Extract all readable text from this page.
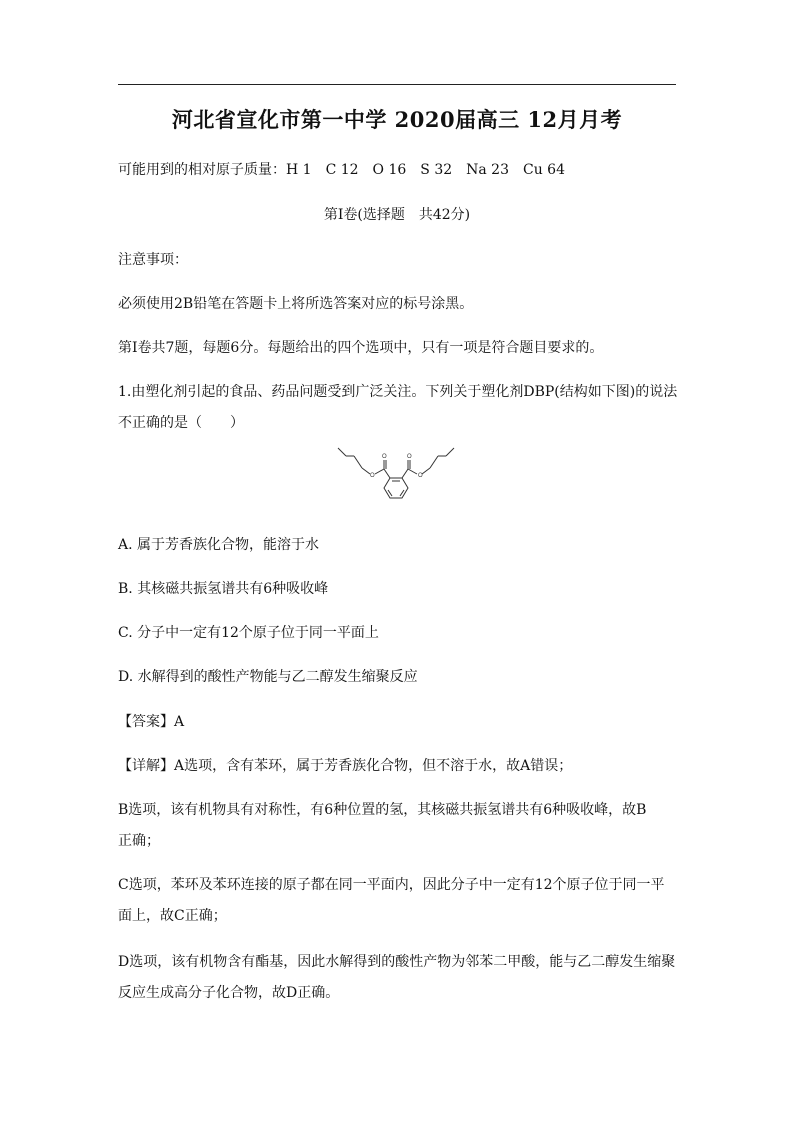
河北省宣化市第一中学 2020届高三 12月月考
可能用到的相对原子质量：H 1　C 12　O 16　S 32　Na 23　Cu 64
第Ⅰ卷(选择题　共42分)
注意事项：
必须使用2B铅笔在答题卡上将所选答案对应的标号涂黑。
第Ⅰ卷共7题，每题6分。每题给出的四个选项中，只有一项是符合题目要求的。
1.由塑化剂引起的食品、药品问题受到广泛关注。下列关于塑化剂DBP(结构如下图)的说法
不正确的是（　　）
O	O
O	O
A. 属于芳香族化合物，能溶于水
B. 其核磁共振氢谱共有6种吸收峰
C. 分子中一定有12个原子位于同一平面上
D. 水解得到的酸性产物能与乙二醇发生缩聚反应
【答案】A
【详解】A选项，含有苯环，属于芳香族化合物，但不溶于水，故A错误；
B选项，该有机物具有对称性，有6种位置的氢，其核磁共振氢谱共有6种吸收峰，故B
正确；
C选项，苯环及苯环连接的原子都在同一平面内，因此分子中一定有12个原子位于同一平
面上，故C正确；
D选项，该有机物含有酯基，因此水解得到的酸性产物为邻苯二甲酸，能与乙二醇发生缩聚
反应生成高分子化合物，故D正确。
